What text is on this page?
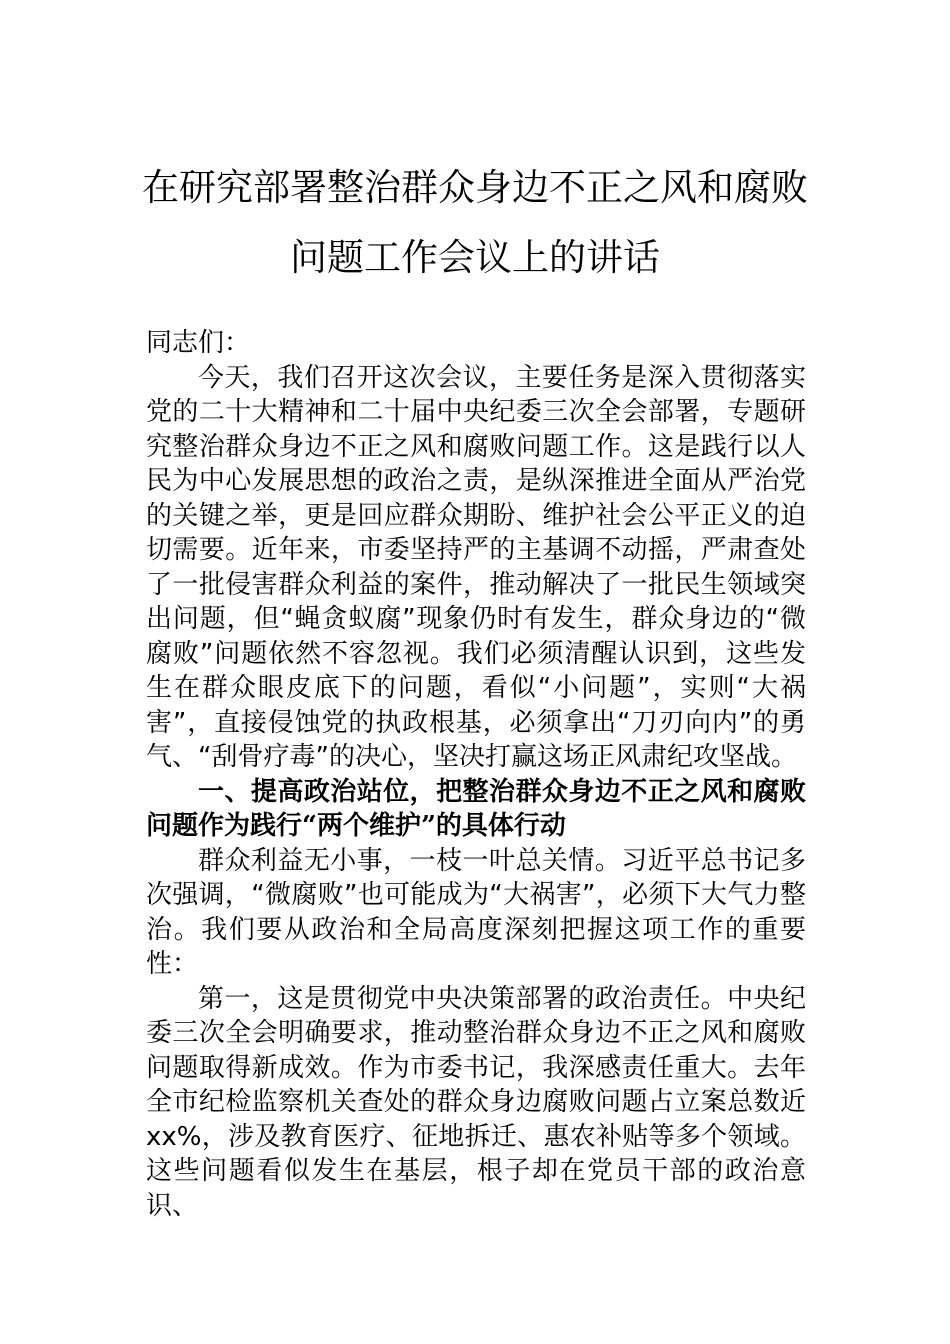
在研究部署整治群众身边不正之风和腐败
问题工作会议上的讲话

同志们：

今天，我们召开这次会议，主要任务是深入贯彻落实党的二十大精神和二十届中央纪委三次全会部署，专题研究整治群众身边不正之风和腐败问题工作。这是践行以人民为中心发展思想的政治之责，是纵深推进全面从严治党的关键之举，更是回应群众期盼、维护社会公平正义的迫切需要。近年来，市委坚持严的主基调不动摇，严肃查处了一批侵害群众利益的案件，推动解决了一批民生领域突出问题，但“蝇贪蚁腐”现象仍时有发生，群众身边的“微腐败”问题依然不容忽视。我们必须清醒认识到，这些发生在群众眼皮底下的问题，看似“小问题”，实则“大祸害”，直接侵蚀党的执政根基，必须拿出“刀刃向内”的勇气、“刮骨疗毒”的决心，坚决打赢这场正风肃纪攻坚战。

一、提高政治站位，把整治群众身边不正之风和腐败问题作为践行“两个维护”的具体行动

群众利益无小事，一枝一叶总关情。习近平总书记多次强调，“微腐败”也可能成为“大祸害”，必须下大气力整治。我们要从政治和全局高度深刻把握这项工作的重要性：

第一，这是贯彻党中央决策部署的政治责任。中央纪委三次全会明确要求，推动整治群众身边不正之风和腐败问题取得新成效。作为市委书记，我深感责任重大。去年全市纪检监察机关查处的群众身边腐败问题占立案总数近xx%，涉及教育医疗、征地拆迁、惠农补贴等多个领域。这些问题看似发生在基层，根子却在党员干部的政治意识、
